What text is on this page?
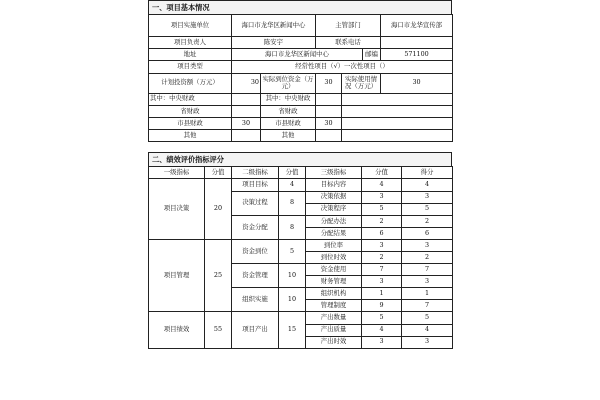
一、项目基本情况
项目实施单位	海口市龙华区新闻中心		主管部门			海口市龙华宣传部
项目负责人	陈安宇		联系电话			
地址	海口市龙华区新闻中心				邮编	571100
项目类型	经常性项目（√）一次性项目（）					
计划投资额（万元）	30	实际到位资金（万元）	30	实际使用情况（万元）		30
其中：中央财政		其中：中央财政				
省财政		省财政				
市县财政	30	市县财政	30			
其他		其他				
二、绩效评价指标评分
一级指标	分值	二级指标	分值	三级指标	分值	得分
项目决策	20	项目目标	4	目标内容	4	4
		决策过程	8	决策依据	3	3
				决策程序	5	5
		资金分配	8	分配办法	2	2
				分配结果	6	6
项目管理	25	资金到位	5	到位率	3	3
				到位时效	2	2
		资金管理	10	资金使用	7	7
				财务管理	3	3
		组织实施	10	组织机构	1	1
				管理制度	9	7
项目绩效	55	项目产出	15	产出数量	5	5
				产出质量	4	4
				产出时效	3	3
